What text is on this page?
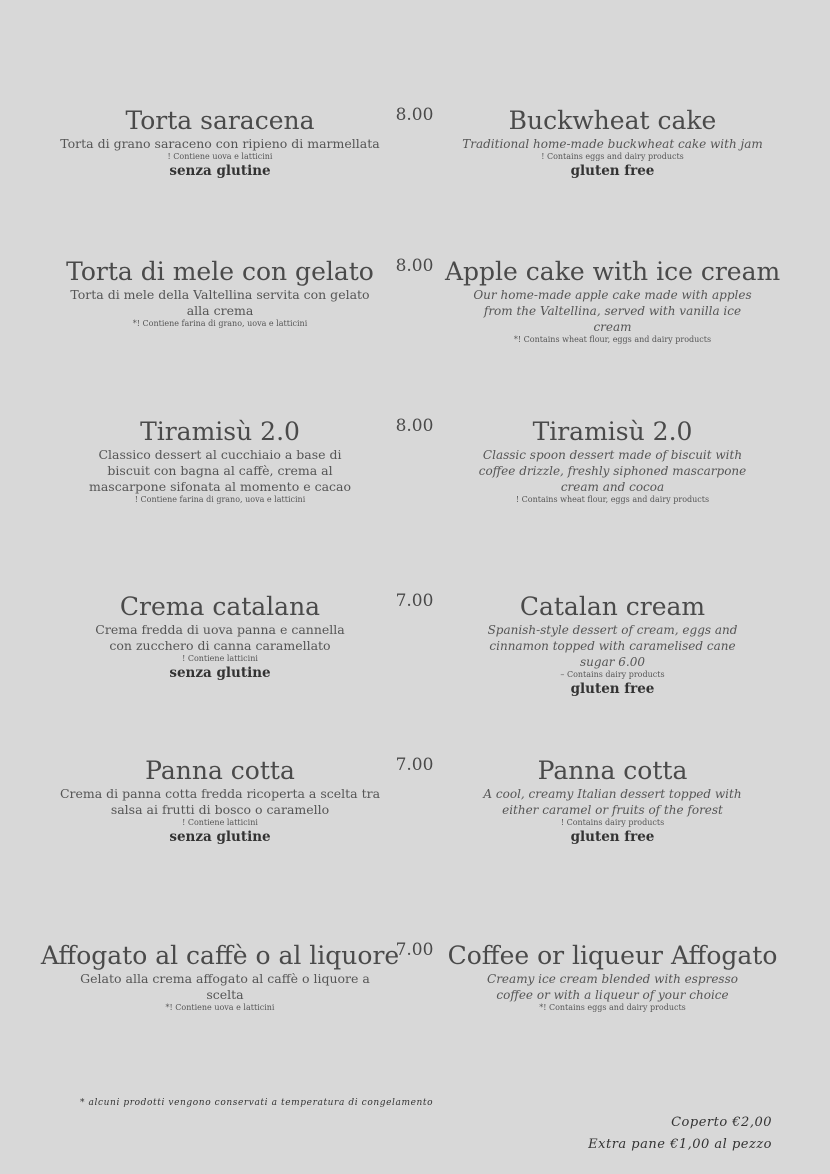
Torta saracena
Torta di grano saraceno con ripieno di marmellata
! Contiene uova e latticini
senza glutine
8.00	Buckwheat cake
Traditional home-made buckwheat cake with jam
! Contains eggs and dairy products
gluten free
Torta di mele con gelato
Torta di mele della Valtellina servita con gelato alla crema
*! Contiene farina di grano, uova e latticini
8.00 Apple cake with ice cream
Our home-made apple cake made with apples from the Valtellina, served with vanilla ice cream
*! Contains wheat flour, eggs and dairy products
Tiramisù 2.0
Classico dessert al cucchiaio a base di biscuit con bagna al caffè, crema al mascarpone sifonata al momento e cacao
! Contiene farina di grano, uova e latticini
8.00	Tiramisù 2.0
Classic spoon dessert made of biscuit with coffee drizzle, freshly siphoned mascarpone cream and cocoa
! Contains wheat flour, eggs and dairy products
Crema catalana
Crema fredda di uova panna e cannella con zucchero di canna caramellato
! Contiene latticini
senza glutine
7.00	Catalan cream
Spanish-style dessert of cream, eggs and cinnamon topped with caramelised cane sugar 6.00
– Contains dairy products
gluten free
Panna cotta
Crema di panna cotta fredda ricoperta a scelta tra salsa ai frutti di bosco o caramello
! Contiene latticini
senza glutine
7.00	Panna cotta
A cool, creamy Italian dessert topped with either caramel or fruits of the forest
! Contains dairy products
gluten free
Affogato al caffè o al liquore
Gelato alla crema affogato al caffè o liquore a scelta
*! Contiene uova e latticini
7.00 Coffee or liqueur Affogato
Creamy ice cream blended with espresso coffee or with a liqueur of your choice
*! Contains eggs and dairy products
* alcuni prodotti vengono conservati a temperatura di congelamento
Coperto €2,00
Extra pane €1,00 al pezzo
